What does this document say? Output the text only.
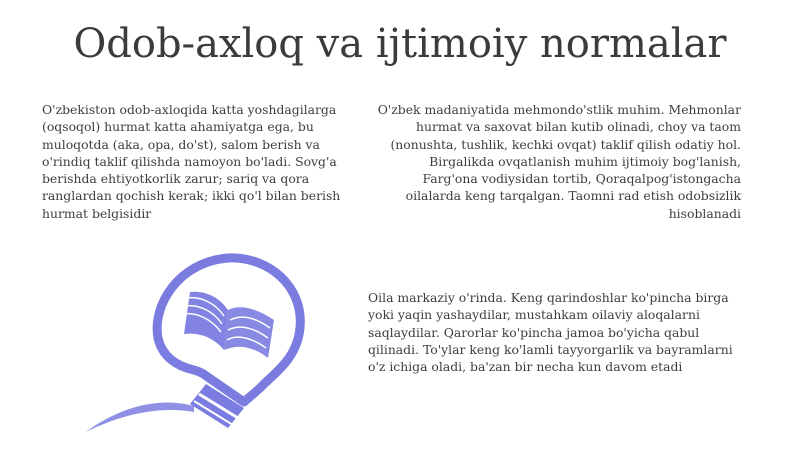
Odob-axloq va ijtimoiy normalar

O'zbekiston odob-axloqida katta yoshdagilarga (oqsoqol) hurmat katta ahamiyatga ega, bu muloqotda (aka, opa, do'st), salom berish va o'rindiq taklif qilishda namoyon bo'ladi. Sovg'a berishda ehtiyotkorlik zarur; sariq va qora ranglardan qochish kerak; ikki qo'l bilan berish hurmat belgisidir

O'zbek madaniyatida mehmondo'stlik muhim. Mehmonlar hurmat va saxovat bilan kutib olinadi, choy va taom (nonushta, tushlik, kechki ovqat) taklif qilish odatiy hol. Birgalikda ovqatlanish muhim ijtimoiy bog'lanish, Farg'ona vodiysidan tortib, Qoraqalpog'istongacha oilalarda keng tarqalgan. Taomni rad etish odobsizlik hisoblanadi

Oila markaziy o'rinda. Keng qarindoshlar ko'pincha birga yoki yaqin yashaydilar, mustahkam oilaviy aloqalarni saqlaydilar. Qarorlar ko'pincha jamoa bo'yicha qabul qilinadi. To'ylar keng ko'lamli tayyorgarlik va bayramlarni o'z ichiga oladi, ba'zan bir necha kun davom etadi
